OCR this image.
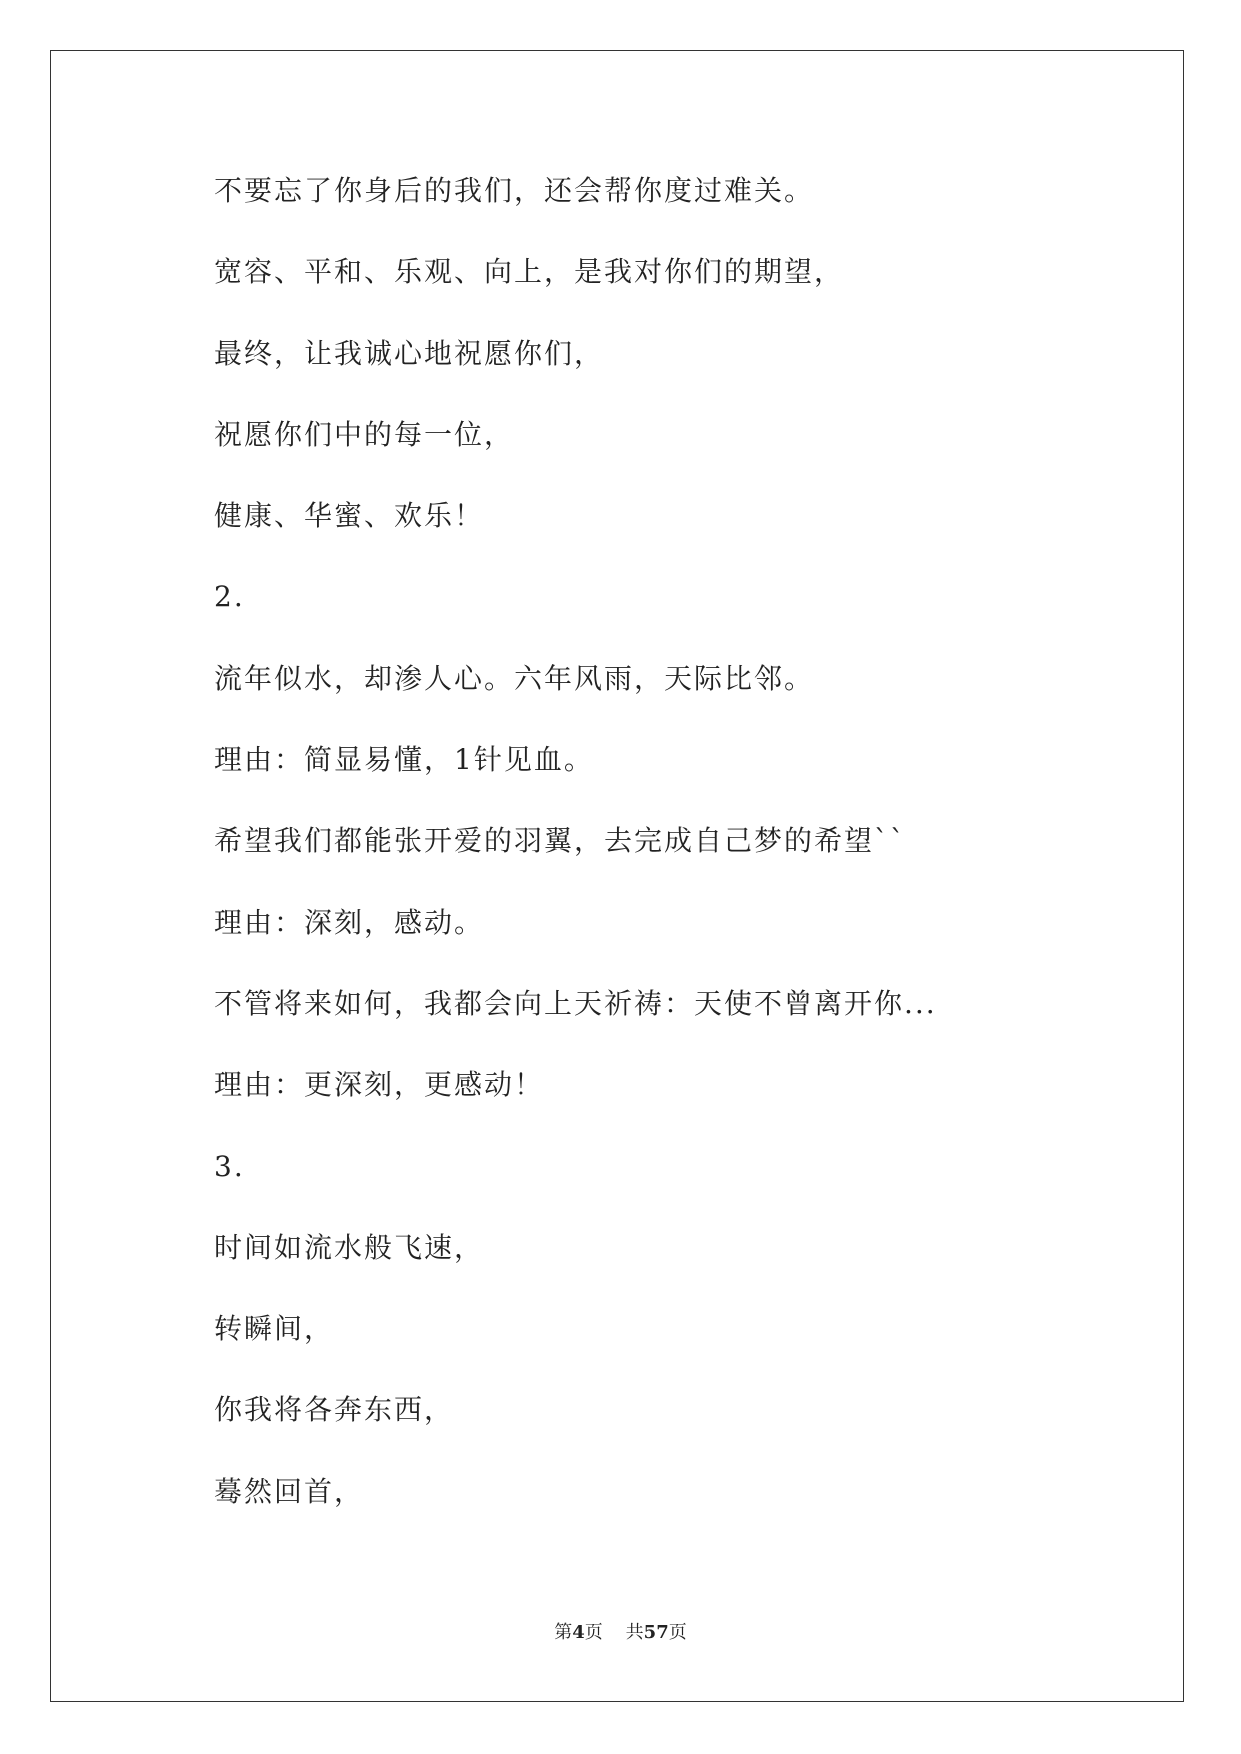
不要忘了你身后的我们，还会帮你度过难关。
宽容、平和、乐观、向上，是我对你们的期望，
最终，让我诚心地祝愿你们，
祝愿你们中的每一位，
健康、华蜜、欢乐！
2.
流年似水，却渗人心。六年风雨，天际比邻。
理由：简显易懂，1针见血。
希望我们都能张开爱的羽翼，去完成自己梦的希望``
理由：深刻，感动。
不管将来如何，我都会向上天祈祷：天使不曾离开你...
理由：更深刻，更感动！
3.
时间如流水般飞速，
转瞬间，
你我将各奔东西，
蓦然回首，
第4页 共57页
